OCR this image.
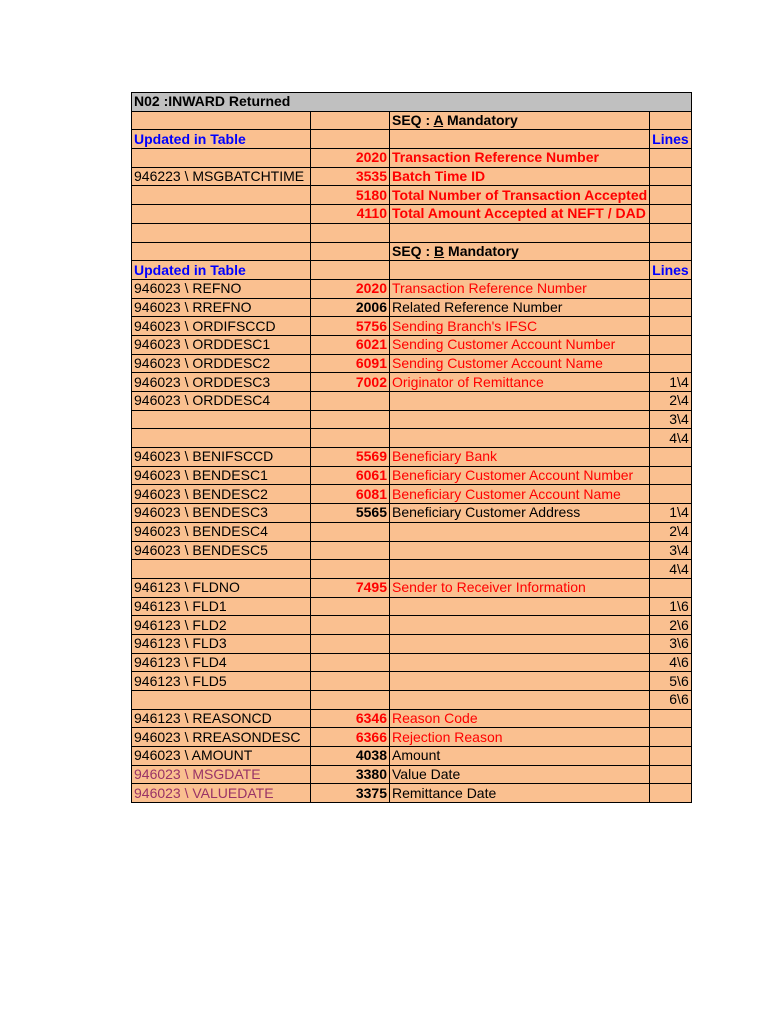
N02 :INWARD Returned			
		SEQ : A Mandatory	
Updated in Table			Lines
	2020	Transaction Reference Number	
946223 \ MSGBATCHTIME	3535	Batch Time ID	
	5180	Total Number of Transaction Accepted	
	4110	Total Amount Accepted at NEFT / DAD	

		SEQ : B Mandatory	
Updated in Table			Lines
946023 \ REFNO	2020	Transaction Reference Number	
946023 \ RREFNO	2006	Related Reference Number	
946023 \ ORDIFSCCD	5756	Sending Branch's IFSC	
946023 \ ORDDESC1	6021	Sending Customer Account Number	
946023 \ ORDDESC2	6091	Sending Customer Account Name	
946023 \ ORDDESC3	7002	Originator of Remittance	1\4
946023 \ ORDDESC4			2\4
			3\4
			4\4
946023 \ BENIFSCCD	5569	Beneficiary Bank	
946023 \ BENDESC1	6061	Beneficiary Customer Account Number	
946023 \ BENDESC2	6081	Beneficiary Customer Account Name	
946023 \ BENDESC3	5565	Beneficiary Customer Address	1\4
946023 \ BENDESC4			2\4
946023 \ BENDESC5			3\4
			4\4
946123 \ FLDNO	7495	Sender to Receiver Information	
946123 \ FLD1			1\6
946123 \ FLD2			2\6
946123 \ FLD3			3\6
946123 \ FLD4			4\6
946123 \ FLD5			5\6
			6\6
946123 \ REASONCD	6346	Reason Code	
946023 \ RREASONDESC	6366	Rejection Reason	
946023 \ AMOUNT	4038	Amount	
946023 \ MSGDATE	3380	Value Date	
946023 \ VALUEDATE	3375	Remittance Date	
